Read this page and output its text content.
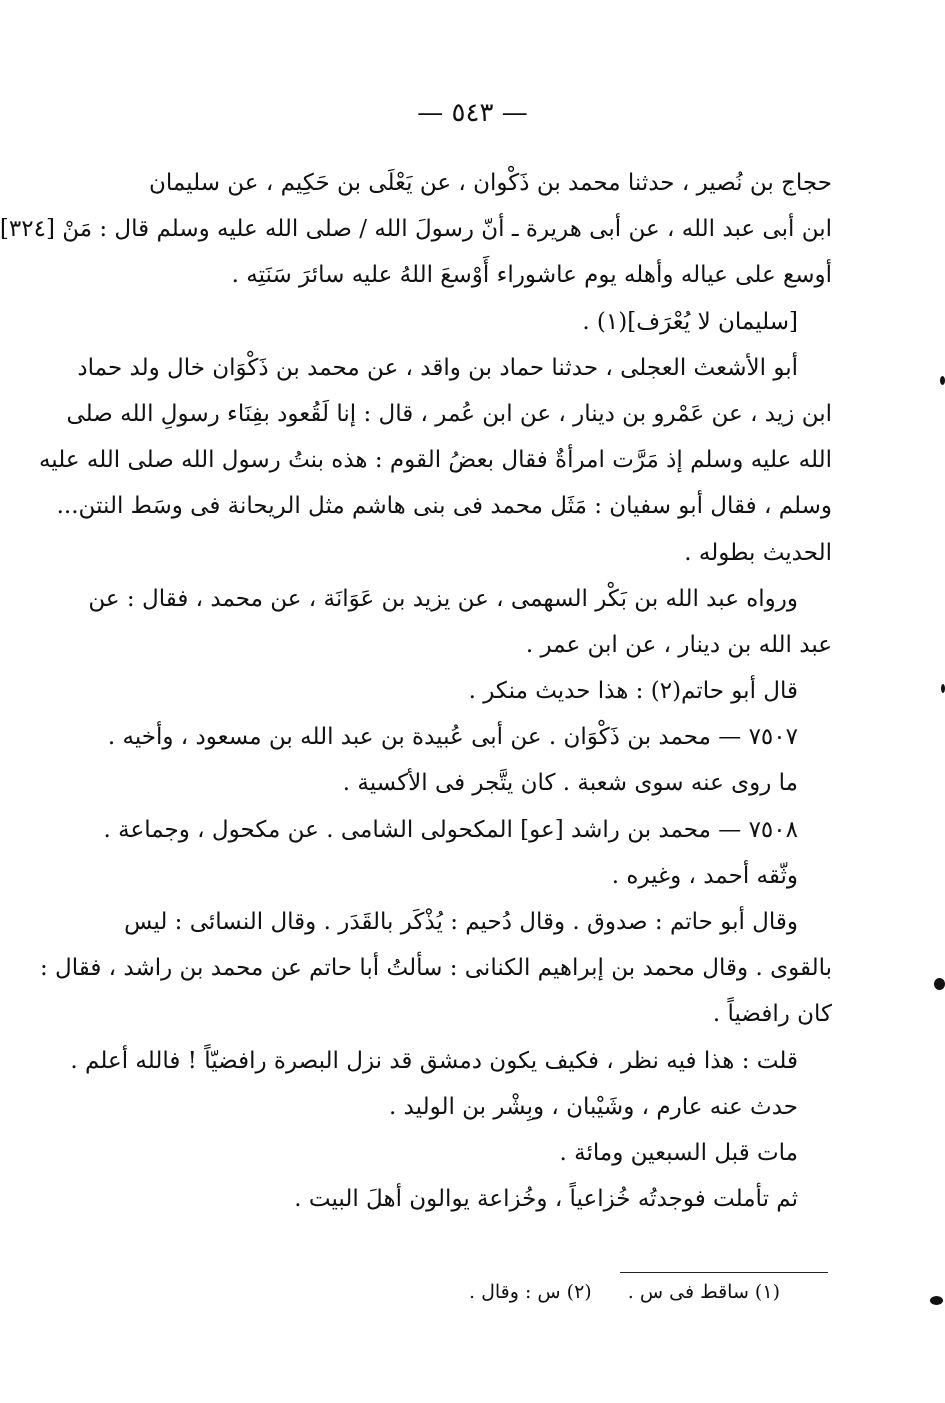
— ٥٤٣ —
حجاج بن نُصير ، حدثنا محمد بن ذَكْوان ، عن يَعْلَى بن حَكِيم ، عن سليمان
ابن أبى عبد الله ، عن أبى هريرة ـ أنّ رسولَ الله / صلى الله عليه وسلم قال : مَنْ [٣٢٤]
أوسع على عياله وأهله يوم عاشوراء أَوْسعَ اللهُ عليه سائرَ سَنَتِه .
[سليمان لا يُعْرَف](١) .
أبو الأشعث العجلى ، حدثنا حماد بن واقد ، عن محمد بن ذَكْوَان خال ولد حماد
ابن زيد ، عن عَمْرو بن دينار ، عن ابن عُمر ، قال : إنا لَقُعود بفِنَاء رسولِ الله صلى
الله عليه وسلم إذ مَرَّت امرأةٌ فقال بعضُ القوم : هذه بنتُ رسول الله صلى الله عليه
وسلم ، فقال أبو سفيان : مَثَل محمد فى بنى هاشم مثل الريحانة فى وسَط النتن...
الحديث بطوله .
ورواه عبد الله بن بَكْر السهمى ، عن يزيد بن عَوَانَة ، عن محمد ، فقال : عن
عبد الله بن دينار ، عن ابن عمر .
قال أبو حاتم(٢) : هذا حديث منكر .
٧٥٠٧ — محمد بن ذَكْوَان . عن أبى عُبيدة بن عبد الله بن مسعود ، وأخيه .
ما روى عنه سوى شعبة . كان يتَّجر فى الأكسية .
٧٥٠٨ — محمد بن راشد [عو] المكحولى الشامى . عن مكحول ، وجماعة .
وثّقه أحمد ، وغيره .
وقال أبو حاتم : صدوق . وقال دُحيم : يُذْكَر بالقَدَر . وقال النسائى : ليس
بالقوى . وقال محمد بن إبراهيم الكنانى : سألتُ أبا حاتم عن محمد بن راشد ، فقال :
كان رافضياً .
قلت : هذا فيه نظر ، فكيف يكون دمشق قد نزل البصرة رافضيّاً ! فالله أعلم .
حدث عنه عارم ، وشَيْبان ، وبِشْر بن الوليد .
مات قبل السبعين ومائة .
ثم تأملت فوجدتُه خُزاعياً ، وخُزاعة يوالون أهلَ البيت .
(١) ساقط فى س .  (٢) س : وقال .
